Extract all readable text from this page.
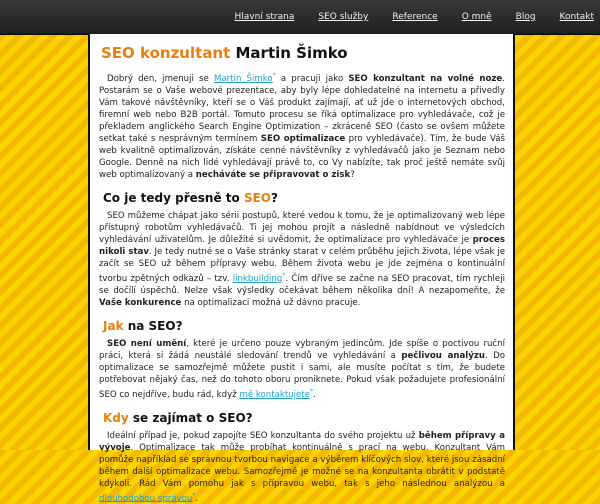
Hlavní strana	SEO služby	Reference	O mně	Blog	Kontakt
SEO konzultant Martin Šimko

Dobrý den, jmenuji se Martin Šimko* a pracuji jako SEO konzultant na volné noze. Postarám se o Vaše webové prezentace, aby byly lépe dohledatelné na internetu a přivedly Vám takové návštěvníky, kteří se o Váš produkt zajímají, ať už jde o internetových obchod, firemní web nebo B2B portál. Tomuto procesu se říká optimalizace pro vyhledávače, což je překladem anglického Search Engine Optimization – zkráceně SEO (často se ovšem můžete setkat také s nesprávným termínem SEO optimalizace pro vyhledávače). Tím, že bude Váš web kvalitně optimalizován, získáte cenné návštěvníky z vyhledávačů jako je Seznam nebo Google. Denně na nich lidé vyhledávají právě to, co Vy nabízíte, tak proč ještě nemáte svůj web optimalizovaný a necháváte se připravovat o zisk?

Co je tedy přesně to SEO?

SEO můžeme chápat jako sérii postupů, které vedou k tomu, že je optimalizovaný web lépe přístupný robotům vyhledávačů. Ti jej mohou projít a následně nabídnout ve výsledcích vyhledávání uživatelům. Je důležité si uvědomit, že optimalizace pro vyhledávače je proces nikoli stav. Je tedy nutné se o Vaše stránky starat v celém průběhu jejich života, lépe však je začít se SEO už během přípravy webu. Během života webu je jde zejména o kontinuální tvorbu zpětných odkazů – tzv. linkbuilding*. Čím dříve se začne na SEO pracovat, tím rychleji se dočílí úspěchů. Nelze však výsledky očekávat během několika dní! A nezapomeňte, že Vaše konkurence na optimalizaci možná už dávno pracuje.

Jak na SEO?

SEO není umění, které je určeno pouze vybraným jedincům. Jde spíše o poctivou ruční práci, která si žádá neustálé sledování trendů ve vyhledávání a pečlivou analýzu. Do optimalizace se samozřejmě můžete pustit i sami, ale musíte počítat s tím, že budete potřebovat nějaký čas, než do tohoto oboru proniknete. Pokud však požadujete profesionální SEO co nejdříve, budu rád, když mě kontaktujete*.

Kdy se zajímat o SEO?

Ideální případ je, pokud zapojíte SEO konzultanta do svého projektu už během přípravy a vývoje. Optimalizace tak může probíhat kontinuálně s prací na webu. Konzultant Vám pomůže například se správnou tvorbou navigace a výběrem klíčových slov, které jsou zásadní během další optimalizace webu. Samozřejmě je možné se na konzultanta obrátit v podstatě kdykoli. Rád Vám pomohu jak s přípravou webu, tak s jeho následnou analýzou a dlouhodobou správou*.
